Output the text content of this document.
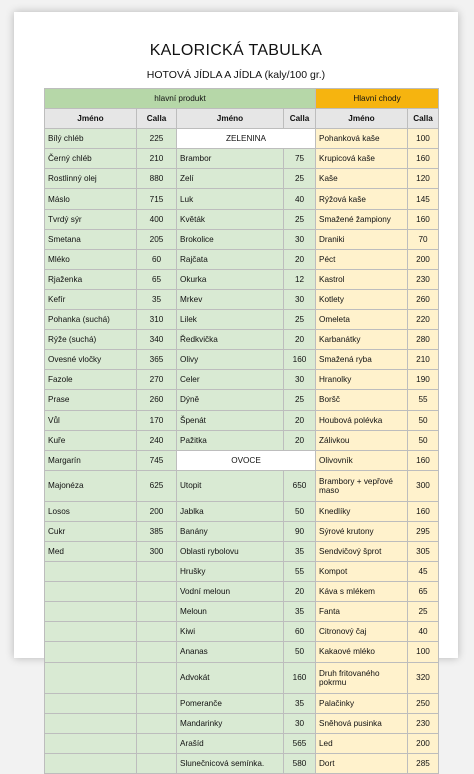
KALORICKÁ TABULKA
HOTOVÁ JÍDLA A JÍDLA (kaly/100 gr.)
hlavní produkt				Hlavní chody	
Jméno	Calla	Jméno	Calla	Jméno	Calla
Bílý chléb	225	ZELENINA		Pohanková kaše	100
Černý chléb	210	Brambor	75	Krupicová kaše	160
Rostlinný olej	880	Zelí	25	Kaše	120
Máslo	715	Luk	40	Rýžová kaše	145
Tvrdý sýr	400	Květák	25	Smažené žampiony	160
Smetana	205	Brokolice	30	Draniki	70
Mléko	60	Rajčata	20	Péct	200
Rjaženka	65	Okurka	12	Kastrol	230
Kefír	35	Mrkev	30	Kotlety	260
Pohanka (suchá)	310	Lilek	25	Omeleta	220
Rýže (suchá)	340	Ředkvička	20	Karbanátky	280
Ovesné vločky	365	Olivy	160	Smažená ryba	210
Fazole	270	Celer	30	Hranolky	190
Prase	260	Dýně	25	Boršč	55
Vůl	170	Špenát	20	Houbová polévka	50
Kuře	240	Pažitka	20	Zálivkou	50
Margarín	745	OVOCE		Olivovník	160
Majonéza	625	Utopit	650	Brambory + vepřové maso	300
Losos	200	Jablka	50	Knedlíky	160
Cukr	385	Banány	90	Sýrové krutony	295
Med	300	Oblasti rybolovu	35	Sendvičový šprot	305
		Hrušky	55	Kompot	45
		Vodní meloun	20	Káva s mlékem	65
		Meloun	35	Fanta	25
		Kiwi	60	Citronový čaj	40
		Ananas	50	Kakaové mléko	100
		Advokát	160	Druh fritovaného pokrmu	320
		Pomeranče	35	Palačinky	250
		Mandarinky	30	Sněhová pusinka	230
		Arašíd	565	Led	200
		Slunečnicová semínka.	580	Dort	285
